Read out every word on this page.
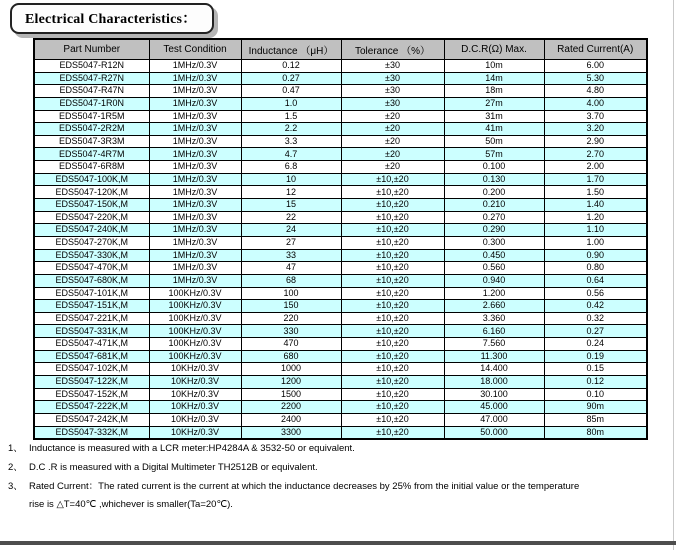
Electrical Characteristics：
Part Number	Test Condition	Inductance （μH）	Tolerance （%）	D.C.R(Ω) Max.	Rated Current(A)
EDS5047-R12N	1MHz/0.3V	0.12	±30	10m	6.00
EDS5047-R27N	1MHz/0.3V	0.27	±30	14m	5.30
EDS5047-R47N	1MHz/0.3V	0.47	±30	18m	4.80
EDS5047-1R0N	1MHz/0.3V	1.0	±30	27m	4.00
EDS5047-1R5M	1MHz/0.3V	1.5	±20	31m	3.70
EDS5047-2R2M	1MHz/0.3V	2.2	±20	41m	3.20
EDS5047-3R3M	1MHz/0.3V	3.3	±20	50m	2.90
EDS5047-4R7M	1MHz/0.3V	4.7	±20	57m	2.70
EDS5047-6R8M	1MHz/0.3V	6.8	±20	0.100	2.00
EDS5047-100K,M	1MHz/0.3V	10	±10,±20	0.130	1.70
EDS5047-120K,M	1MHz/0.3V	12	±10,±20	0.200	1.50
EDS5047-150K,M	1MHz/0.3V	15	±10,±20	0.210	1.40
EDS5047-220K,M	1MHz/0.3V	22	±10,±20	0.270	1.20
EDS5047-240K,M	1MHz/0.3V	24	±10,±20	0.290	1.10
EDS5047-270K,M	1MHz/0.3V	27	±10,±20	0.300	1.00
EDS5047-330K,M	1MHz/0.3V	33	±10,±20	0.450	0.90
EDS5047-470K,M	1MHz/0.3V	47	±10,±20	0.560	0.80
EDS5047-680K,M	1MHz/0.3V	68	±10,±20	0.940	0.64
EDS5047-101K,M	100KHz/0.3V	100	±10,±20	1.200	0.56
EDS5047-151K,M	100KHz/0.3V	150	±10,±20	2.660	0.42
EDS5047-221K,M	100KHz/0.3V	220	±10,±20	3.360	0.32
EDS5047-331K,M	100KHz/0.3V	330	±10,±20	6.160	0.27
EDS5047-471K,M	100KHz/0.3V	470	±10,±20	7.560	0.24
EDS5047-681K,M	100KHz/0.3V	680	±10,±20	11.300	0.19
EDS5047-102K,M	10KHz/0.3V	1000	±10,±20	14.400	0.15
EDS5047-122K,M	10KHz/0.3V	1200	±10,±20	18.000	0.12
EDS5047-152K,M	10KHz/0.3V	1500	±10,±20	30.100	0.10
EDS5047-222K,M	10KHz/0.3V	2200	±10,±20	45.000	90m
EDS5047-242K,M	10KHz/0.3V	2400	±10,±20	47.000	85m
EDS5047-332K,M	10KHz/0.3V	3300	±10,±20	50.000	80m
1、 Inductance is measured with a LCR meter:HP4284A & 3532-50 or equivalent.
2、 D.C .R is measured with a Digital Multimeter TH2512B or equivalent.
3、 Rated Current：The rated current is the current at which the inductance decreases by 25% from the initial value or the temperature
rise is △T=40℃ ,whichever is smaller(Ta=20℃).
